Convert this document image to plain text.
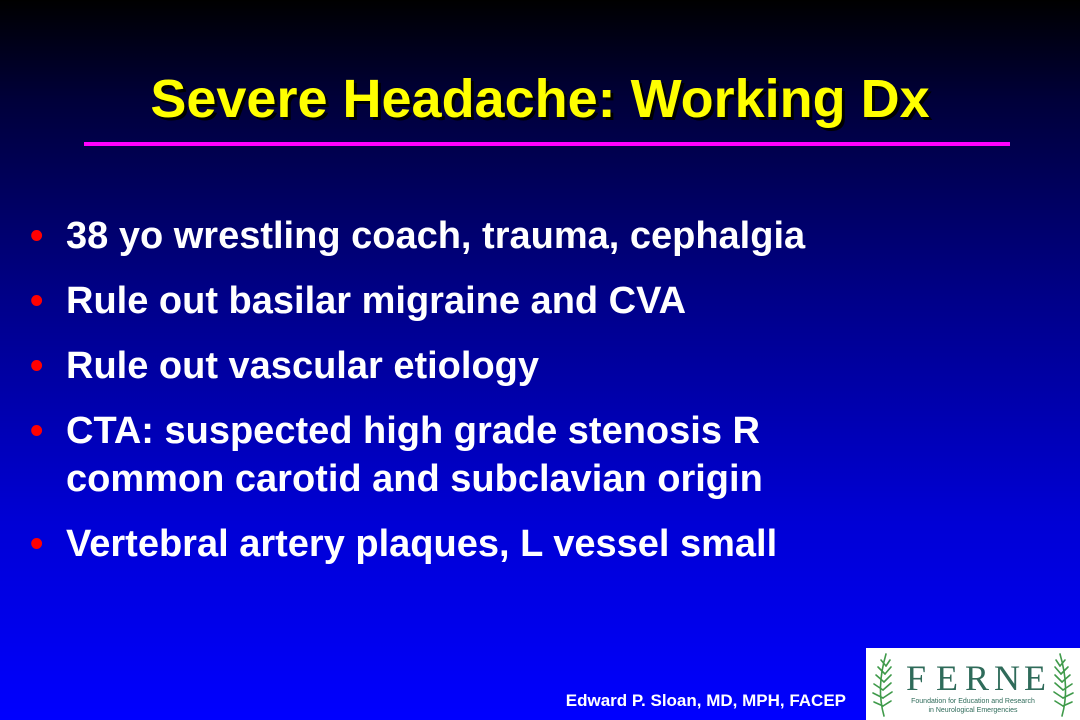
Severe Headache: Working Dx
• 38 yo wrestling coach, trauma, cephalgia
• Rule out basilar migraine and CVA
• Rule out vascular etiology
• CTA: suspected high grade stenosis R
common carotid and subclavian origin
• Vertebral artery plaques, L vessel small
Edward P. Sloan, MD, MPH, FACEP
F E R N E
Foundation for Education and Research
in Neurological Emergencies
